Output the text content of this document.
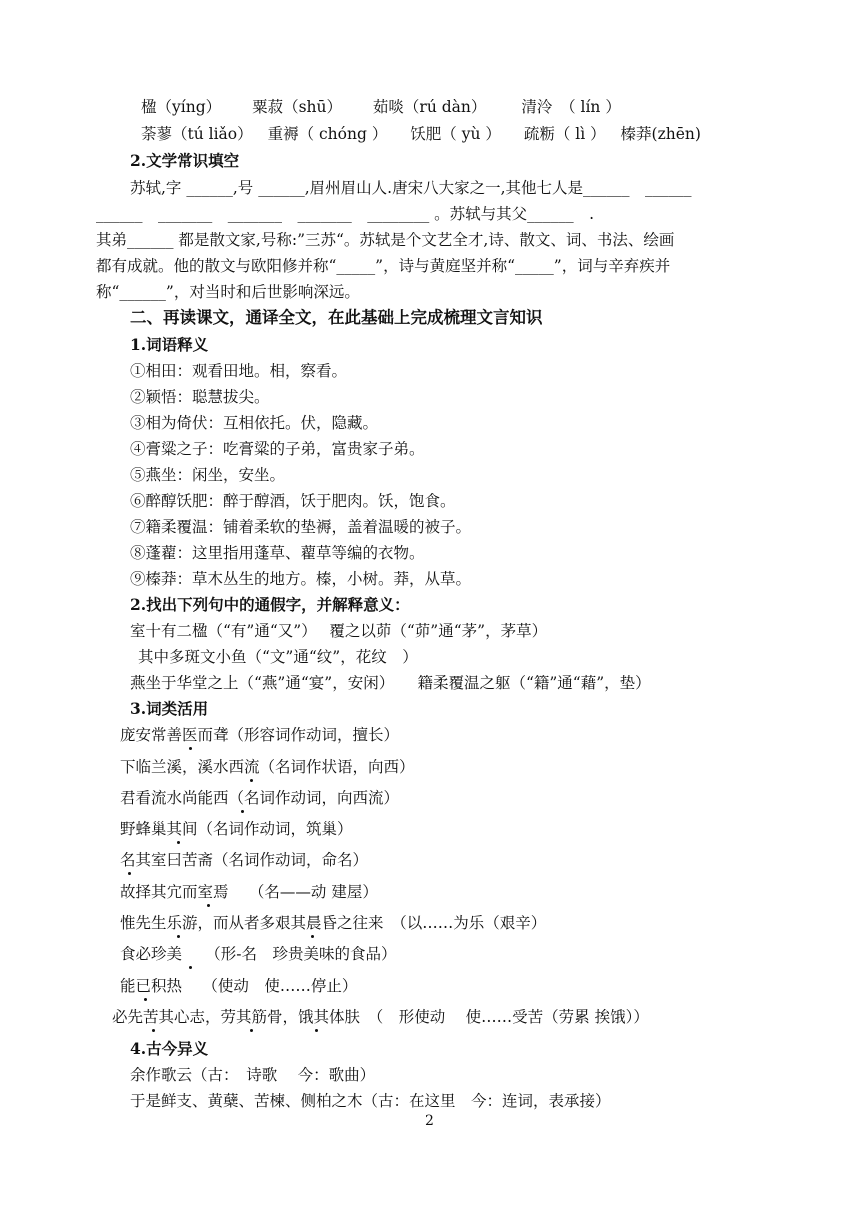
楹（yíng） 粟菽（shū） 茹啖（rú dàn） 清泠　（ lín ）
荼蓼（tú liǎo） 重褥（ chóng ） 饫肥（ yù ） 疏粝（ lì ） 榛莽(zhēn)
2.文学常识填空
苏轼,字 ______,号 ______,眉州眉山人.唐宋八大家之一,其他七人是______　______
______　_______　_______　_______　________ 。苏轼与其父______　.
其弟______ 都是散文家,号称:”三苏“。苏轼是个文艺全才,诗、散文、词、书法、绘画
都有成就。他的散文与欧阳修并称“_____”，诗与黄庭坚并称“_____”，词与辛弃疾并
称“______”，对当时和后世影响深远。
二、再读课文，通译全文，在此基础上完成梳理文言知识
1.词语释义
①相田：观看田地。相，察看。
②颖悟：聪慧拔尖。
③相为倚伏：互相依托。伏，隐藏。
④膏粱之子：吃膏粱的子弟，富贵家子弟。
⑤燕坐：闲坐，安坐。
⑥醉醇饫肥：醉于醇酒，饫于肥肉。饫，饱食。
⑦籍柔覆温：铺着柔软的垫褥，盖着温暖的被子。
⑧蓬藋：这里指用蓬草、藋草等编的衣物。
⑨榛莽：草木丛生的地方。榛，小树。莽，从草。
2.找出下列句中的通假字，并解释意义：
室十有二楹（“有”通“又”）　 覆之以茆（“茆”通“茅”，茅草）
其中多斑文小鱼（“文”通“纹”，花纹　）
燕坐于华堂之上（“燕”通“宴”，安闲）　　籍柔覆温之躯（“籍”通“藉”，垫）
3.词类活用
庞安常善医而聋（形容词作动词，擅长）
下临兰溪，溪水西流（名词作状语，向西）
君看流水尚能西（名词作动词，向西流）
野蜂巢其间（名词作动词，筑巢）
名其室曰苦斋（名词作动词，命名）
故择其宂而室焉　 （名——动 建屋）
惟先生乐游，而从者多艰其晨昏之往来　（以……为乐（艰辛）
食必珍美　　（形-名　珍贵美味的食品）
能已积热　 （使动　使……停止）
必先苦其心志，劳其筋骨，饿其体肤　（　形使动　 使……受苦（劳累 挨饿））
4.古今异义
余作歌云（古：　诗歌　 今：歌曲）
于是鲜支、黄蘖、苦楝、侧柏之木（古：在这里　今：连词，表承接）
2
